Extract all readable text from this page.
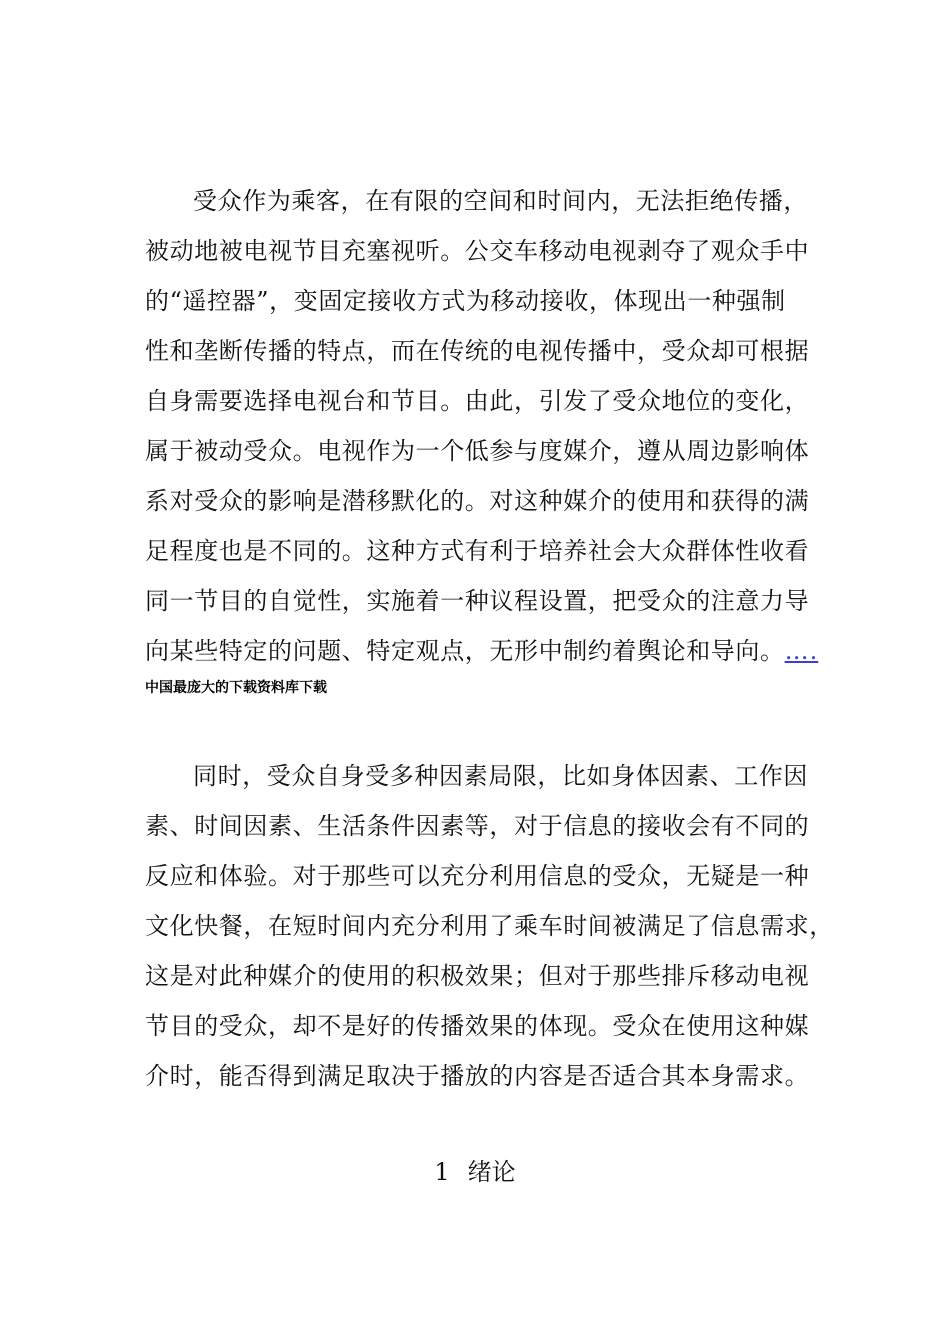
受众作为乘客，在有限的空间和时间内，无法拒绝传播，
被动地被电视节目充塞视听。公交车移动电视剥夺了观众手中
的“遥控器”，变固定接收方式为移动接收，体现出一种强制
性和垄断传播的特点，而在传统的电视传播中，受众却可根据
自身需要选择电视台和节目。由此，引发了受众地位的变化，
属于被动受众。电视作为一个低参与度媒介，遵从周边影响体
系对受众的影响是潜移默化的。对这种媒介的使用和获得的满
足程度也是不同的。这种方式有利于培养社会大众群体性收看
同一节目的自觉性，实施着一种议程设置，把受众的注意力导
向某些特定的问题、特定观点，无形中制约着舆论和导向。….
中国最庞大的下载资料库下载
同时，受众自身受多种因素局限，比如身体因素、工作因
素、时间因素、生活条件因素等，对于信息的接收会有不同的
反应和体验。对于那些可以充分利用信息的受众，无疑是一种
文化快餐，在短时间内充分利用了乘车时间被满足了信息需求，
这是对此种媒介的使用的积极效果；但对于那些排斥移动电视
节目的受众，却不是好的传播效果的体现。受众在使用这种媒
介时，能否得到满足取决于播放的内容是否适合其本身需求。
1 绪论
